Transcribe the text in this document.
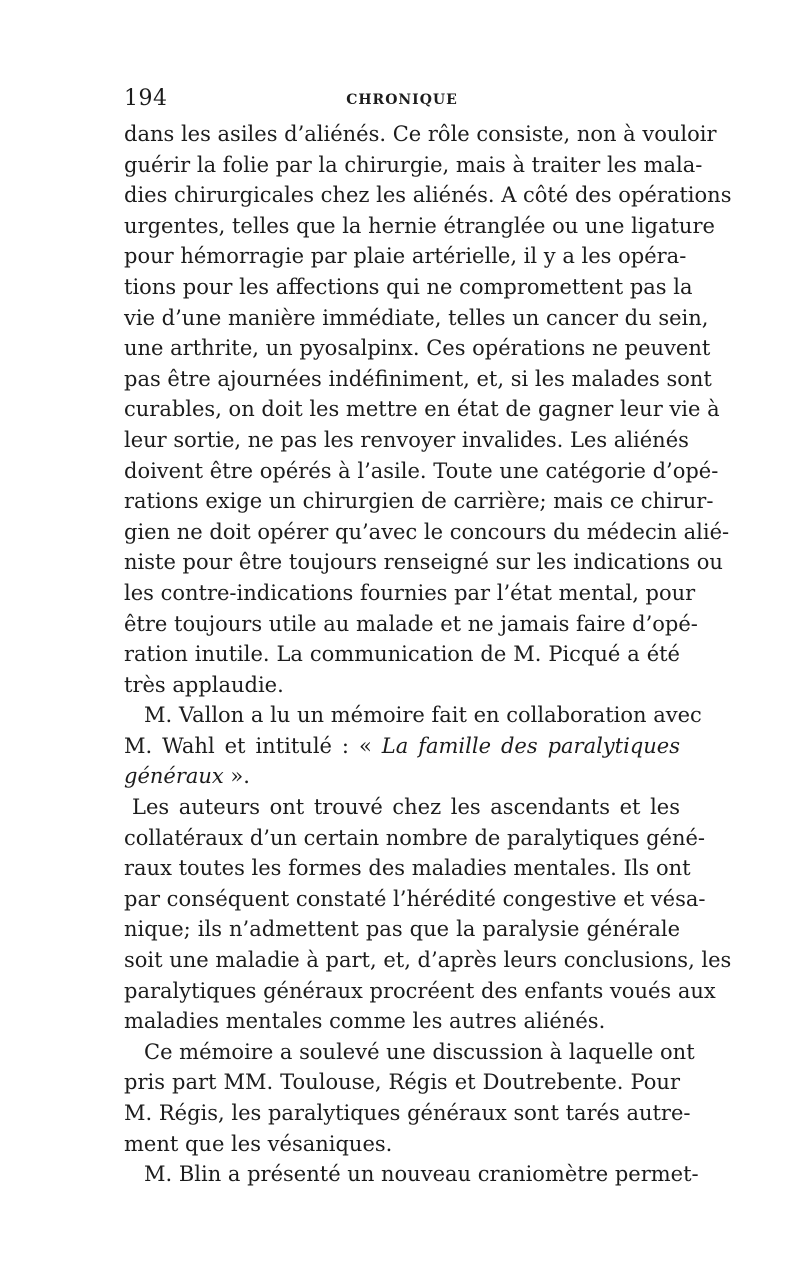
194	CHRONIQUE
dans les asiles d’aliénés. Ce rôle consiste, non à vouloir
guérir la folie par la chirurgie, mais à traiter les mala-
dies chirurgicales chez les aliénés. A côté des opérations
urgentes, telles que la hernie étranglée ou une ligature
pour hémorragie par plaie artérielle, il y a les opéra-
tions pour les affections qui ne compromettent pas la
vie d’une manière immédiate, telles un cancer du sein,
une arthrite, un pyosalpinx. Ces opérations ne peuvent
pas être ajournées indéfiniment, et, si les malades sont
curables, on doit les mettre en état de gagner leur vie à
leur sortie, ne pas les renvoyer invalides. Les aliénés
doivent être opérés à l’asile. Toute une catégorie d’opé-
rations exige un chirurgien de carrière; mais ce chirur-
gien ne doit opérer qu’avec le concours du médecin alié-
niste pour être toujours renseigné sur les indications ou
les contre-indications fournies par l’état mental, pour
être toujours utile au malade et ne jamais faire d’opé-
ration inutile. La communication de M. Picqué a été
très applaudie.
M. Vallon a lu un mémoire fait en collaboration avec
M. Wahl et intitulé : « La famille des paralytiques
généraux ».
Les auteurs ont trouvé chez les ascendants et les
collatéraux d’un certain nombre de paralytiques géné-
raux toutes les formes des maladies mentales. Ils ont
par conséquent constaté l’hérédité congestive et vésa-
nique; ils n’admettent pas que la paralysie générale
soit une maladie à part, et, d’après leurs conclusions, les
paralytiques généraux procréent des enfants voués aux
maladies mentales comme les autres aliénés.
Ce mémoire a soulevé une discussion à laquelle ont
pris part MM. Toulouse, Régis et Doutrebente. Pour
M. Régis, les paralytiques généraux sont tarés autre-
ment que les vésaniques.
M. Blin a présenté un nouveau craniomètre permet-
